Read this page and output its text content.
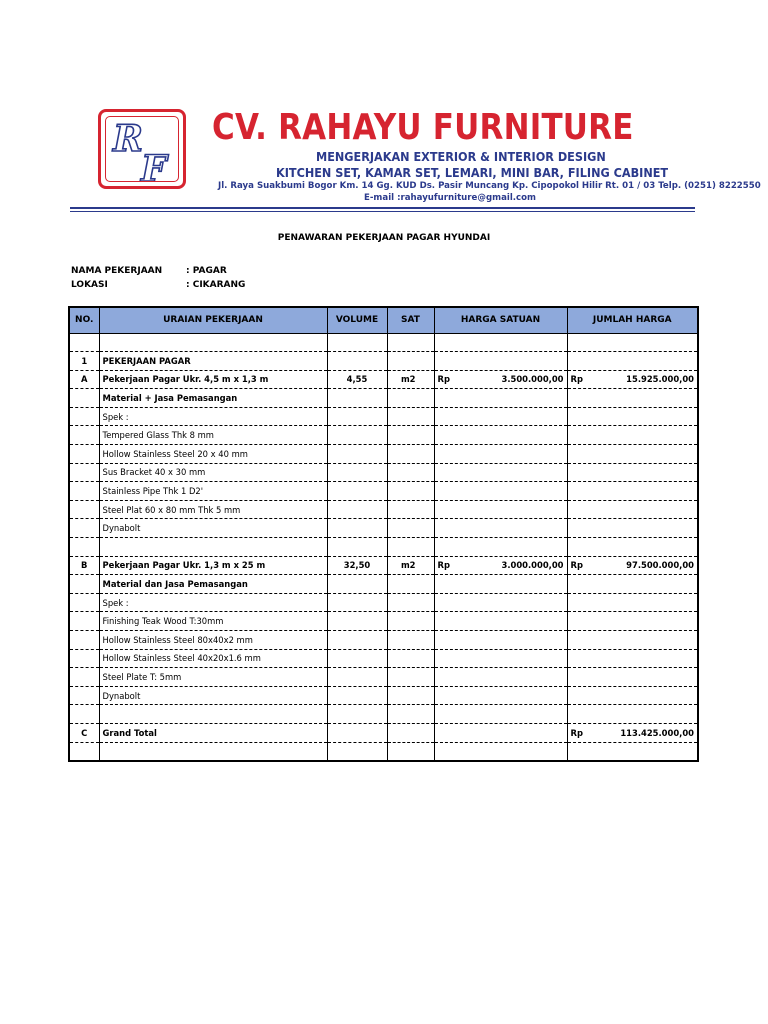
R
F
CV. RAHAYU FURNITURE
MENGERJAKAN EXTERIOR & INTERIOR DESIGN
KITCHEN SET, KAMAR SET, LEMARI, MINI BAR, FILING CABINET
Jl. Raya Suakbumi Bogor Km. 14 Gg. KUD Ds. Pasir Muncang Kp. Cipopokol Hilir Rt. 01 / 03 Telp. (0251) 8222550
E-mail :rahayufurniture@gmail.com
PENAWARAN PEKERJAAN PAGAR HYUNDAI
NAMA PEKERJAAN	: PAGAR
LOKASI	: CIKARANG
NO.	URAIAN PEKERJAAN	VOLUME	SAT	HARGA SATUAN	JUMLAH HARGA

1	PEKERJAAN PAGAR			

A	Pekerjaan Pagar Ukr. 4,5 m x 1,3 m	4,55	m2	Rp 3.500.000,00	Rp 15.925.000,00

	Material + Jasa Pemasangan			

	Spek :			

	Tempered Glass Thk 8 mm			

	Hollow Stainless Steel 20 x 40 mm			

	Sus Bracket 40 x 30 mm			

	Stainless Pipe Thk 1 D2'			

	Steel Plat 60 x 80 mm Thk 5 mm			

	Dynabolt			

B	Pekerjaan Pagar Ukr. 1,3 m x 25 m	32,50	m2	Rp 3.000.000,00	Rp 97.500.000,00

	Material dan Jasa Pemasangan			

	Spek :			

	Finishing Teak Wood T:30mm			

	Hollow Stainless Steel 80x40x2 mm			

	Hollow Stainless Steel 40x20x1.6 mm			

	Steel Plate T: 5mm			

	Dynabolt			

C	Grand Total				Rp 113.425.000,00
